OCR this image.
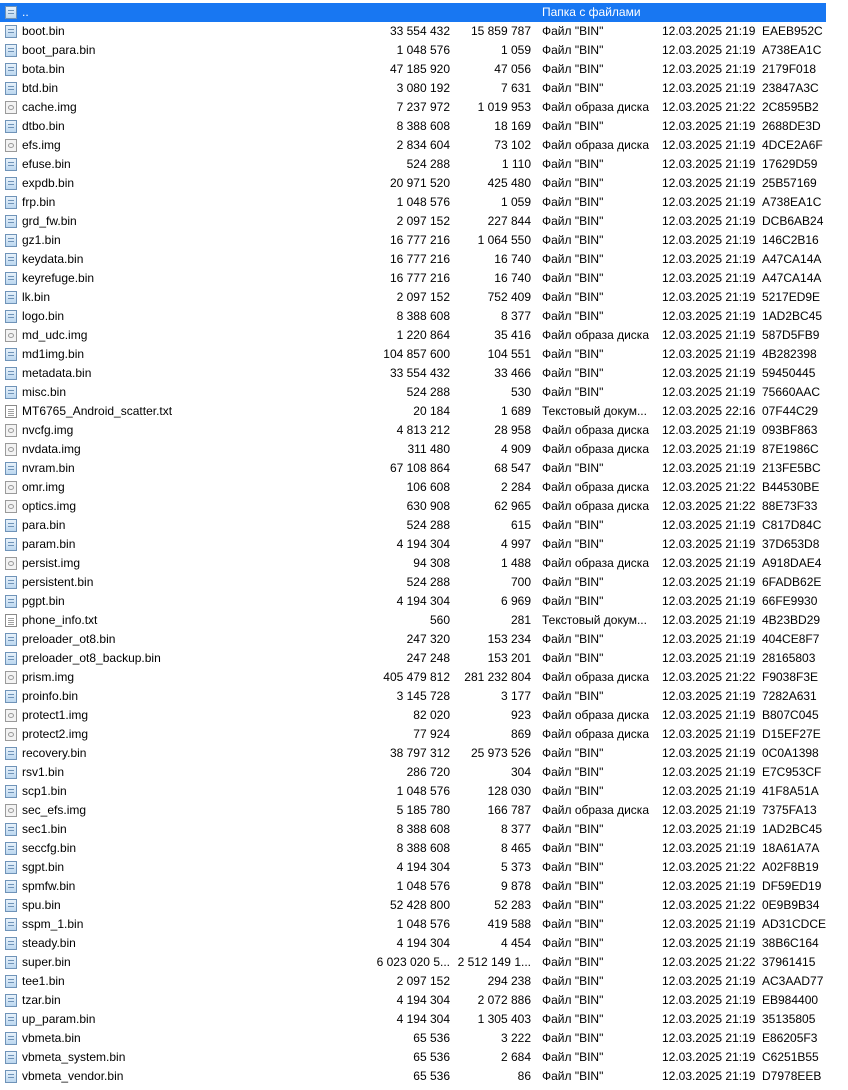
..	Папка с файлами
boot.bin	33 554 432	15 859 787 Файл "BIN"	12.03.2025 21:19 EAEB952C
boot_para.bin	1 048 576	1 059 Файл "BIN"	12.03.2025 21:19 A738EA1C
bota.bin	47 185 920	47 056 Файл "BIN"	12.03.2025 21:19 2179F018
btd.bin	3 080 192	7 631 Файл "BIN"	12.03.2025 21:19 23847A3C
cache.img	7 237 972	1 019 953 Файл образа диска	12.03.2025 21:22 2C8595B2
dtbo.bin	8 388 608	18 169 Файл "BIN"	12.03.2025 21:19 2688DE3D
efs.img	2 834 604	73 102 Файл образа диска	12.03.2025 21:19 4DCE2A6F
efuse.bin	524 288	1 110 Файл "BIN"	12.03.2025 21:19 17629D59
expdb.bin	20 971 520	425 480 Файл "BIN"	12.03.2025 21:19 25B57169
frp.bin	1 048 576	1 059 Файл "BIN"	12.03.2025 21:19 A738EA1C
grd_fw.bin	2 097 152	227 844 Файл "BIN"	12.03.2025 21:19 DCB6AB24
gz1.bin	16 777 216	1 064 550 Файл "BIN"	12.03.2025 21:19 146C2B16
keydata.bin	16 777 216	16 740 Файл "BIN"	12.03.2025 21:19 A47CA14A
keyrefuge.bin	16 777 216	16 740 Файл "BIN"	12.03.2025 21:19 A47CA14A
lk.bin	2 097 152	752 409 Файл "BIN"	12.03.2025 21:19 5217ED9E
logo.bin	8 388 608	8 377 Файл "BIN"	12.03.2025 21:19 1AD2BC45
md_udc.img	1 220 864	35 416 Файл образа диска	12.03.2025 21:19 587D5FB9
md1img.bin	104 857 600	104 551 Файл "BIN"	12.03.2025 21:19 4B282398
metadata.bin	33 554 432	33 466 Файл "BIN"	12.03.2025 21:19 59450445
misc.bin	524 288	530 Файл "BIN"	12.03.2025 21:19 75660AAC
MT6765_Android_scatter.txt	20 184	1 689 Текстовый докум...	12.03.2025 22:16 07F44C29
nvcfg.img	4 813 212	28 958 Файл образа диска	12.03.2025 21:19 093BF863
nvdata.img	311 480	4 909 Файл образа диска	12.03.2025 21:19 87E1986C
nvram.bin	67 108 864	68 547 Файл "BIN"	12.03.2025 21:19 213FE5BC
omr.img	106 608	2 284 Файл образа диска	12.03.2025 21:22 B44530BE
optics.img	630 908	62 965 Файл образа диска	12.03.2025 21:22 88E73F33
para.bin	524 288	615 Файл "BIN"	12.03.2025 21:19 C817D84C
param.bin	4 194 304	4 997 Файл "BIN"	12.03.2025 21:19 37D653D8
persist.img	94 308	1 488 Файл образа диска	12.03.2025 21:19 A918DAE4
persistent.bin	524 288	700 Файл "BIN"	12.03.2025 21:19 6FADB62E
pgpt.bin	4 194 304	6 969 Файл "BIN"	12.03.2025 21:19 66FE9930
phone_info.txt	560	281 Текстовый докум...	12.03.2025 21:19 4B23BD29
preloader_ot8.bin	247 320	153 234 Файл "BIN"	12.03.2025 21:19 404CE8F7
preloader_ot8_backup.bin	247 248	153 201 Файл "BIN"	12.03.2025 21:19 28165803
prism.img	405 479 812	281 232 804 Файл образа диска	12.03.2025 21:22 F9038F3E
proinfo.bin	3 145 728	3 177 Файл "BIN"	12.03.2025 21:19 7282A631
protect1.img	82 020	923 Файл образа диска	12.03.2025 21:19 B807C045
protect2.img	77 924	869 Файл образа диска	12.03.2025 21:19 D15EF27E
recovery.bin	38 797 312	25 973 526 Файл "BIN"	12.03.2025 21:19 0C0A1398
rsv1.bin	286 720	304 Файл "BIN"	12.03.2025 21:19 E7C953CF
scp1.bin	1 048 576	128 030 Файл "BIN"	12.03.2025 21:19 41F8A51A
sec_efs.img	5 185 780	166 787 Файл образа диска	12.03.2025 21:19 7375FA13
sec1.bin	8 388 608	8 377 Файл "BIN"	12.03.2025 21:19 1AD2BC45
seccfg.bin	8 388 608	8 465 Файл "BIN"	12.03.2025 21:19 18A61A7A
sgpt.bin	4 194 304	5 373 Файл "BIN"	12.03.2025 21:22 A02F8B19
spmfw.bin	1 048 576	9 878 Файл "BIN"	12.03.2025 21:19 DF59ED19
spu.bin	52 428 800	52 283 Файл "BIN"	12.03.2025 21:22 0E9B9B34
sspm_1.bin	1 048 576	419 588 Файл "BIN"	12.03.2025 21:19 AD31CDCE
steady.bin	4 194 304	4 454 Файл "BIN"	12.03.2025 21:19 38B6C164
super.bin	6 023 020 5... 2 512 149 1... Файл "BIN"	12.03.2025 21:22 37961415
tee1.bin	2 097 152	294 238 Файл "BIN"	12.03.2025 21:19 AC3AAD77
tzar.bin	4 194 304	2 072 886 Файл "BIN"	12.03.2025 21:19 EB984400
up_param.bin	4 194 304	1 305 403 Файл "BIN"	12.03.2025 21:19 35135805
vbmeta.bin	65 536	3 222 Файл "BIN"	12.03.2025 21:19 E86205F3
vbmeta_system.bin	65 536	2 684 Файл "BIN"	12.03.2025 21:19 C6251B55
vbmeta_vendor.bin	65 536	86 Файл "BIN"	12.03.2025 21:19 D7978EEB
